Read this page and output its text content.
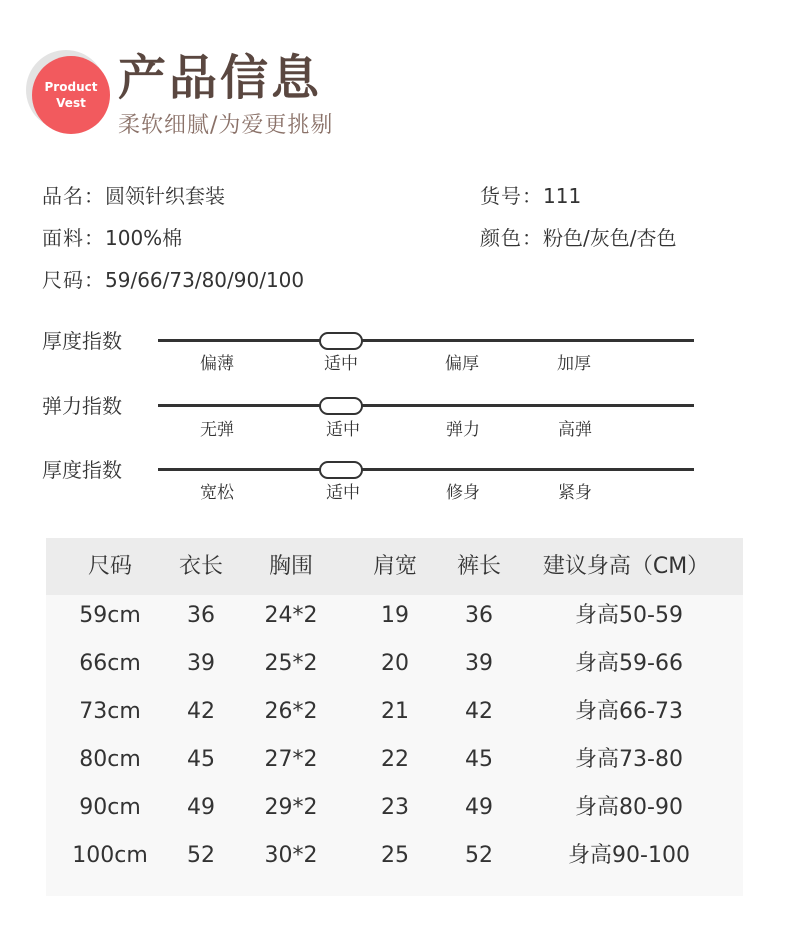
Product
Vest 产品信息
柔软细腻/为爱更挑剔
品名：圆领针织套装	货号：111
面料：100%棉	颜色：粉色/灰色/杏色
尺码：59/66/73/80/90/100
厚度指数
偏薄	适中	偏厚	加厚
弹力指数
无弹	适中	弹力	高弹
厚度指数
宽松	适中	修身	紧身
尺码 衣长 胸围	肩宽 裤长 建议身高（CM）
59cm 36 24*2	19	36	身高50-59
66cm 39 25*2	20	39	身高59-66
73cm 42 26*2	21	42	身高66-73
80cm 45 27*2	22	45	身高73-80
90cm 49 29*2	23	49	身高80-90
100cm 52 30*2	25	52	身高90-100
